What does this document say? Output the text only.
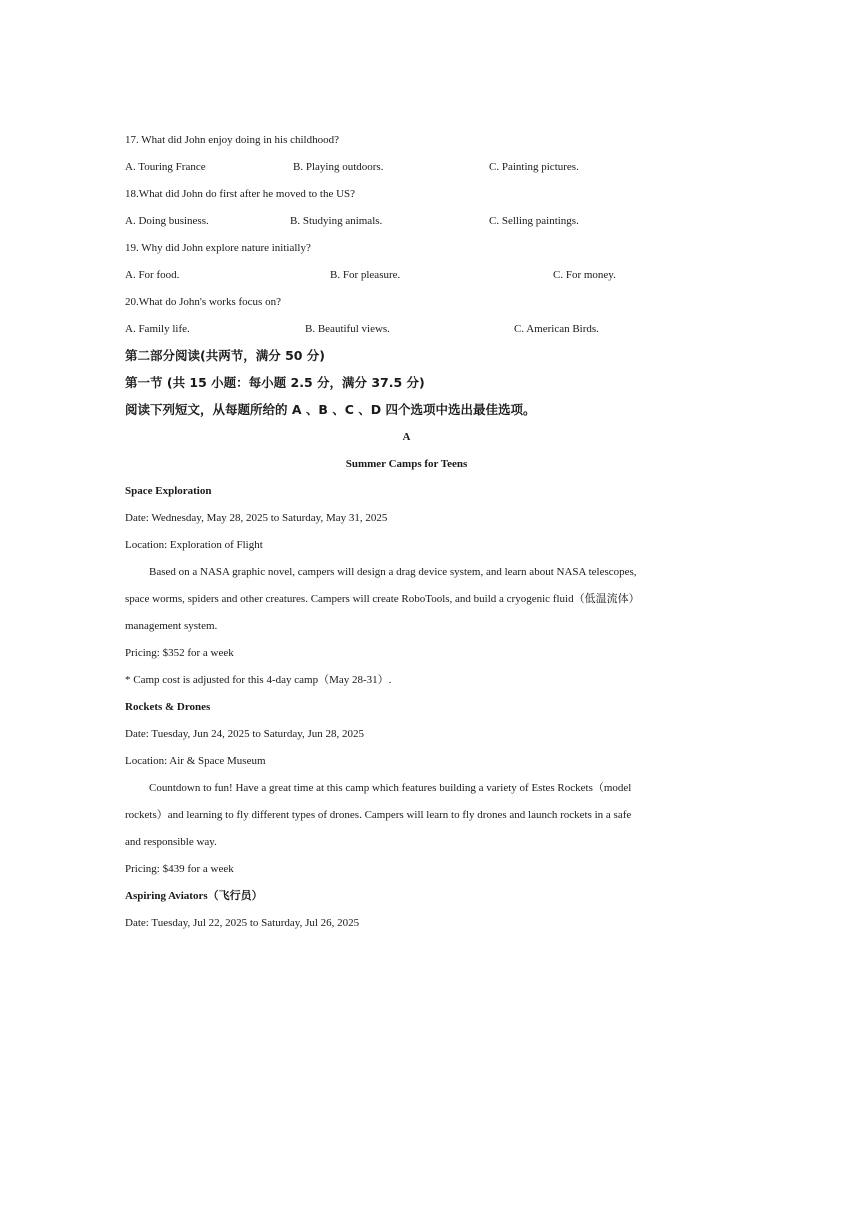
17. What did John enjoy doing in his childhood?
A. Touring France	B. Playing outdoors.	C. Painting pictures.
18.What did John do first after he moved to the US?
A. Doing business.	B. Studying animals.	C. Selling paintings.
19. Why did John explore nature initially?
A. For food.	B. For pleasure.	C. For money.
20.What do John's works focus on?
A. Family life.	B. Beautiful views.	C. American Birds.
第二部分阅读(共两节，满分 50 分)
第一节 (共 15 小题：每小题 2.5 分，满分 37.5 分)
阅读下列短文，从每题所给的 A 、B 、C 、D 四个选项中选出最佳选项。
A
Summer Camps for Teens
Space Exploration
Date: Wednesday, May 28, 2025 to Saturday, May 31, 2025
Location: Exploration of Flight
Based on a NASA graphic novel, campers will design a drag device system, and learn about NASA telescopes,
space worms, spiders and other creatures. Campers will create RoboTools, and build a cryogenic fluid（低温流体）
management system.
Pricing: $352 for a week
* Camp cost is adjusted for this 4-day camp（May 28-31）.
Rockets & Drones
Date: Tuesday, Jun 24, 2025 to Saturday, Jun 28, 2025
Location: Air & Space Museum
Countdown to fun! Have a great time at this camp which features building a variety of Estes Rockets（model
rockets）and learning to fly different types of drones. Campers will learn to fly drones and launch rockets in a safe
and responsible way.
Pricing: $439 for a week
Aspiring Aviators（飞行员）
Date: Tuesday, Jul 22, 2025 to Saturday, Jul 26, 2025
